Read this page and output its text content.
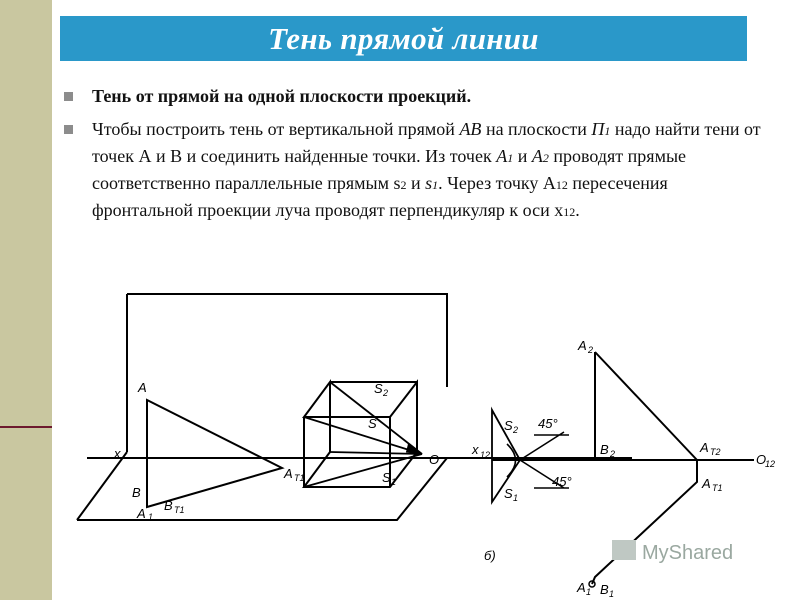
Тень прямой линии
Тень от прямой на одной плоскости проекций.
Чтобы построить тень от вертикальной прямой АВ на плоскости П1 надо найти тени от точек А и В и соединить найденные точки. Из точек А1 и А2 проводят прямые соответственно параллельные прямым s2 и s1. Через точку А12 пересечения фронтальной проекции луча проводят перпендикуляр к оси х12.
A
B
x
A 1
B T1
A T1
S 2
S
S 1
O
x 12
S 2
S 1
45°
45°
A 2
B 2	A T2	O
12
A T1
A 1 B 1
б)	MyShared
